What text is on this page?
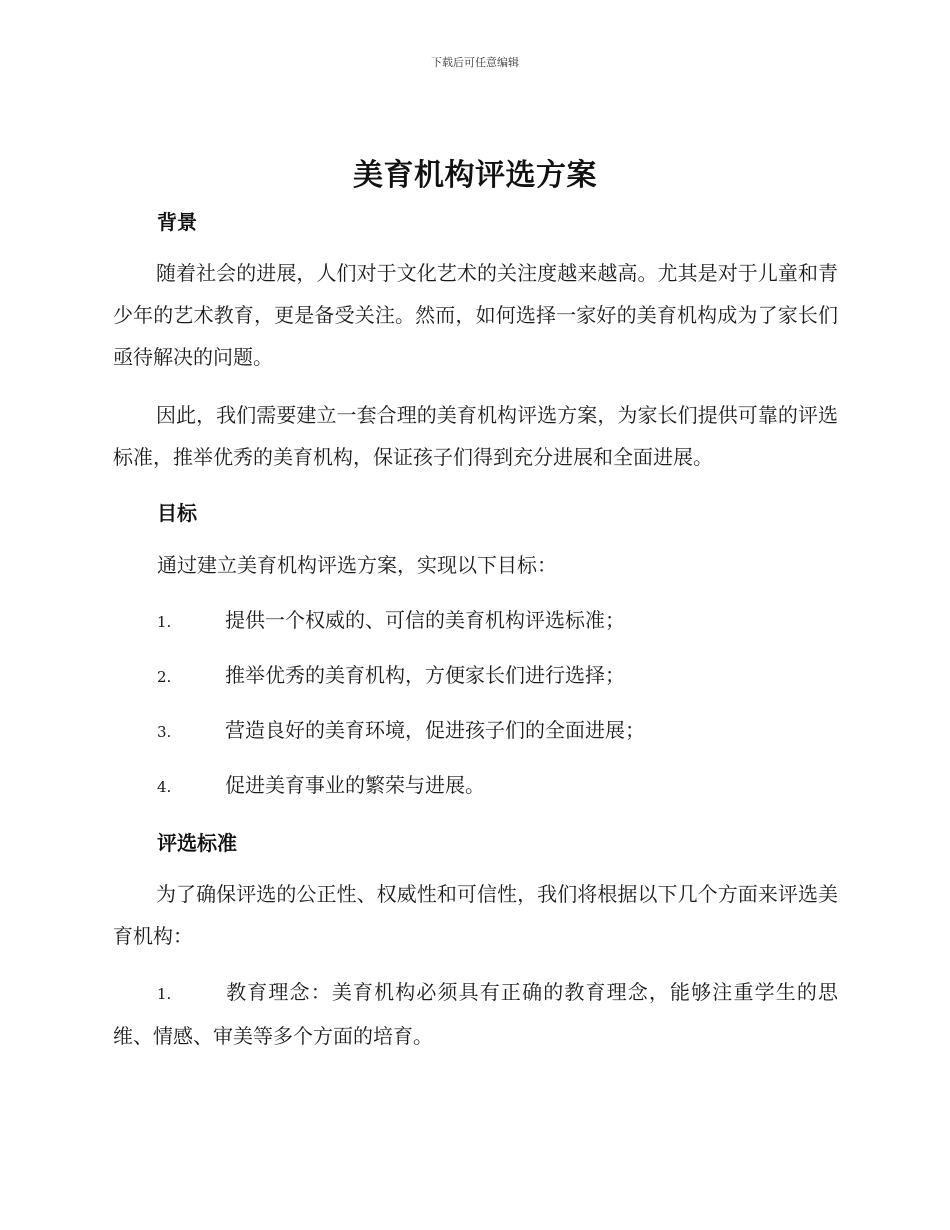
下载后可任意编辑
美育机构评选方案
背景

随着社会的进展，人们对于文化艺术的关注度越来越高。尤其是对于儿童和青少年的艺术教育，更是备受关注。然而，如何选择一家好的美育机构成为了家长们亟待解决的问题。

因此，我们需要建立一套合理的美育机构评选方案，为家长们提供可靠的评选标准，推举优秀的美育机构，保证孩子们得到充分进展和全面进展。

目标
通过建立美育机构评选方案，实现以下目标：
1.	提供一个权威的、可信的美育机构评选标准；
2.	推举优秀的美育机构，方便家长们进行选择；
3.	营造良好的美育环境，促进孩子们的全面进展；
4.	促进美育事业的繁荣与进展。
评选标准

为了确保评选的公正性、权威性和可信性，我们将根据以下几个方面来评选美育机构：

1.	教育理念：美育机构必须具有正确的教育理念，能够注重学生的思维、情感、审美等多个方面的培育。
